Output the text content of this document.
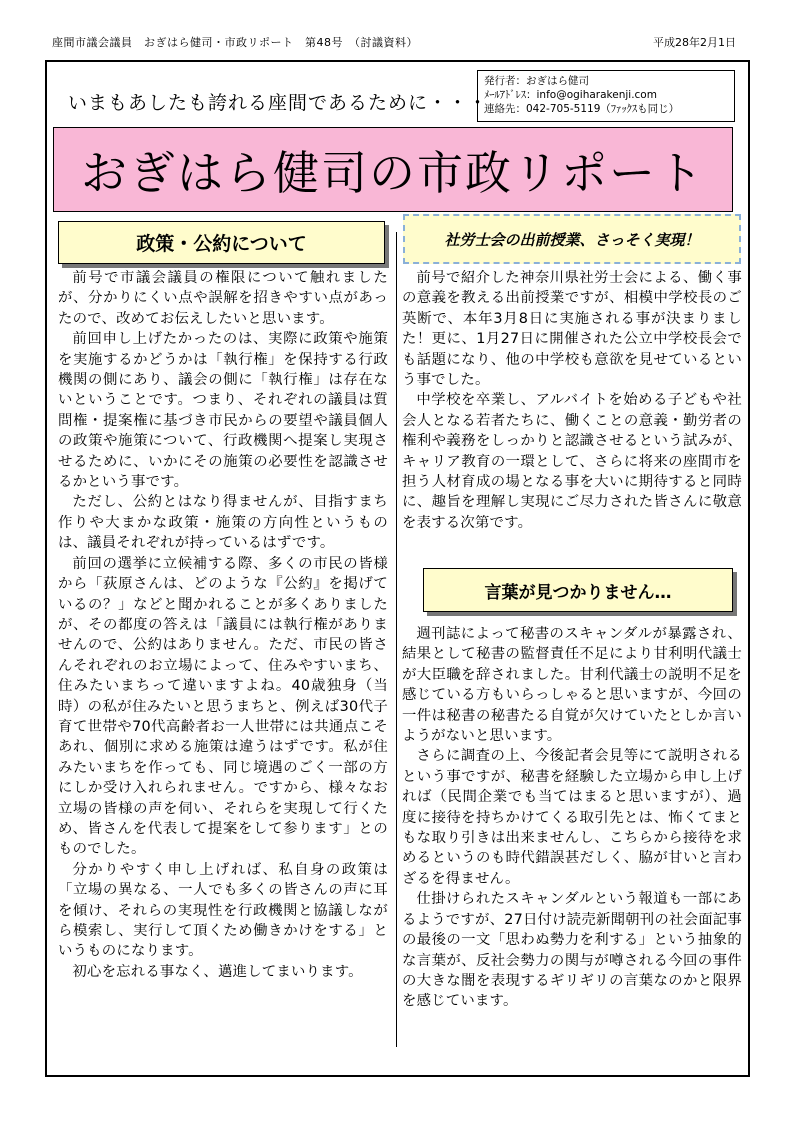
座間市議会議員　おぎはら健司・市政リポート　第48号　（討議資料）	平成28年2月1日
いまもあしたも誇れる座間であるために・・・
発行者：おぎはら健司
ﾒｰﾙｱﾄﾞﾚｽ：info@ogiharakenji.com
連絡先：042-705-5119（ﾌｧｯｸｽも同じ）
おぎはら健司の市政リポート
政策・公約について	社労士会の出前授業、さっそく実現！

前号で市議会議員の権限について触れましたが、分かりにくい点や誤解を招きやすい点があったので、改めてお伝えしたいと思います。

前回申し上げたかったのは、実際に政策や施策を実施するかどうかは「執行権」を保持する行政機関の側にあり、議会の側に「執行権」は存在ないということです。つまり、それぞれの議員は質問権・提案権に基づき市民からの要望や議員個人の政策や施策について、行政機関へ提案し実現させるために、いかにその施策の必要性を認識させるかという事です。

ただし、公約とはなり得ませんが、目指すまち作りや大まかな政策・施策の方向性というものは、議員それぞれが持っているはずです。

前回の選挙に立候補する際、多くの市民の皆様から「荻原さんは、どのような『公約』を掲げているの？」などと聞かれることが多くありましたが、その都度の答えは「議員には執行権がありませんので、公約はありません。ただ、市民の皆さんそれぞれのお立場によって、住みやすいまち、住みたいまちって違いますよね。40歳独身（当時）の私が住みたいと思うまちと、例えば30代子育て世帯や70代高齢者お一人世帯には共通点こそあれ、個別に求める施策は違うはずです。私が住みたいまちを作っても、同じ境遇のごく一部の方にしか受け入れられません。ですから、様々なお立場の皆様の声を伺い、それらを実現して行くため、皆さんを代表して提案をして参ります」とのものでした。

分かりやすく申し上げれば、私自身の政策は「立場の異なる、一人でも多くの皆さんの声に耳を傾け、それらの実現性を行政機関と協議しながら模索し、実行して頂くため働きかけをする」というものになります。

初心を忘れる事なく、邁進してまいります。

前号で紹介した神奈川県社労士会による、働く事の意義を教える出前授業ですが、相模中学校長のご英断で、本年3月8日に実施される事が決まりました！更に、1月27日に開催された公立中学校長会でも話題になり、他の中学校も意欲を見せているという事でした。

中学校を卒業し、アルバイトを始める子どもや社会人となる若者たちに、働くことの意義・勤労者の権利や義務をしっかりと認識させるという試みが、キャリア教育の一環として、さらに将来の座間市を担う人材育成の場となる事を大いに期待すると同時に、趣旨を理解し実現にご尽力された皆さんに敬意を表する次第です。

言葉が見つかりません…

週刊誌によって秘書のスキャンダルが暴露され、結果として秘書の監督責任不足により甘利明代議士が大臣職を辞されました。甘利代議士の説明不足を感じている方もいらっしゃると思いますが、今回の一件は秘書の秘書たる自覚が欠けていたとしか言いようがないと思います。

さらに調査の上、今後記者会見等にて説明されるという事ですが、秘書を経験した立場から申し上げれば（民間企業でも当てはまると思いますが）、過度に接待を持ちかけてくる取引先とは、怖くてまともな取り引きは出来ませんし、こちらから接待を求めるというのも時代錯誤甚だしく、脇が甘いと言わざるを得ません。

仕掛けられたスキャンダルという報道も一部にあるようですが、27日付け読売新聞朝刊の社会面記事の最後の一文「思わぬ勢力を利する」という抽象的な言葉が、反社会勢力の関与が噂される今回の事件の大きな闇を表現するギリギリの言葉なのかと限界を感じています。
